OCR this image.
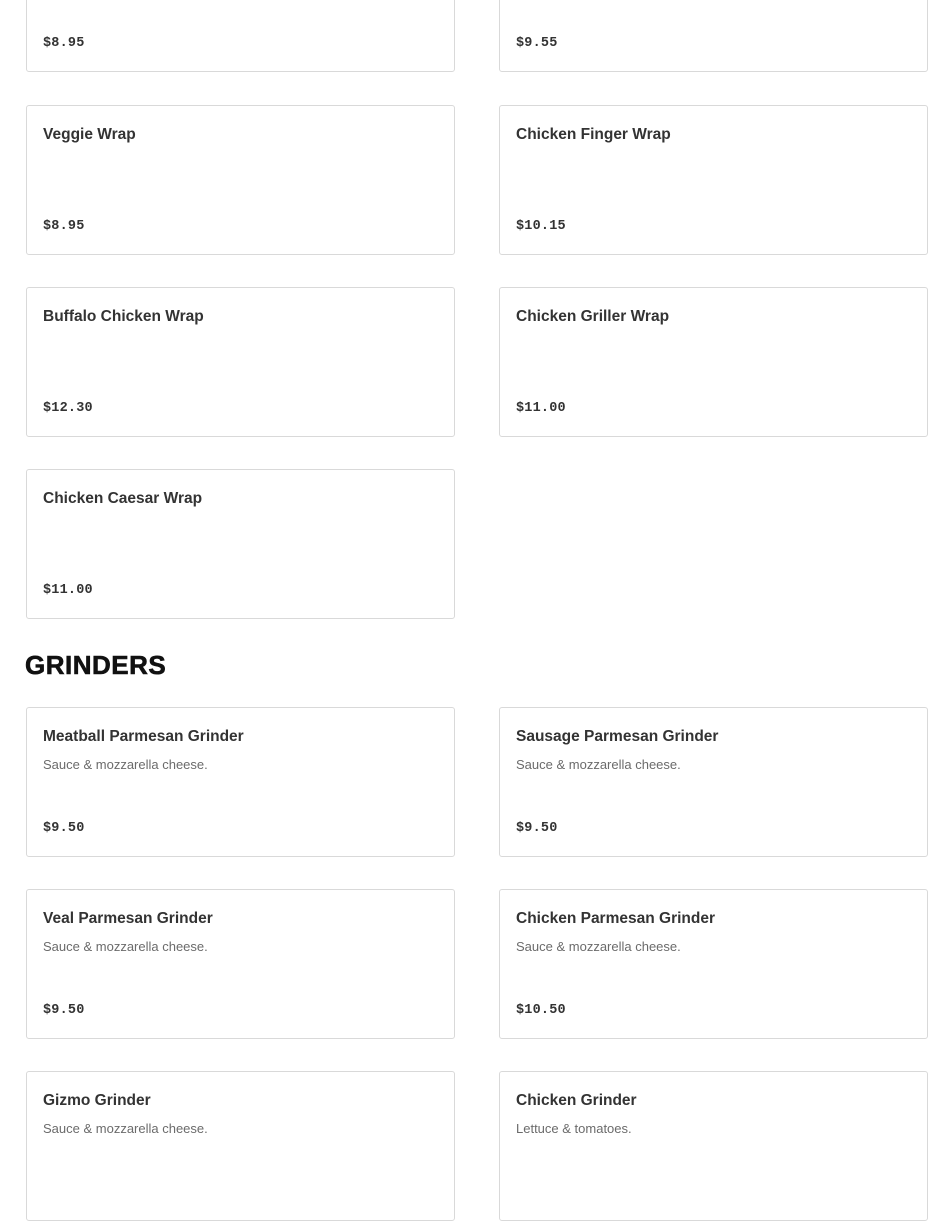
$8.95	$9.55
Veggie Wrap
$8.95
Chicken Finger Wrap
$10.15
Buffalo Chicken Wrap
$12.30
Chicken Griller Wrap
$11.00
Chicken Caesar Wrap
$11.00
GRINDERS
Meatball Parmesan Grinder
Sauce & mozzarella cheese.
$9.50
Sausage Parmesan Grinder
Sauce & mozzarella cheese.
$9.50
Veal Parmesan Grinder
Sauce & mozzarella cheese.
$9.50
Chicken Parmesan Grinder
Sauce & mozzarella cheese.
$10.50
Gizmo Grinder
Sauce & mozzarella cheese.
Chicken Grinder
Lettuce & tomatoes.
